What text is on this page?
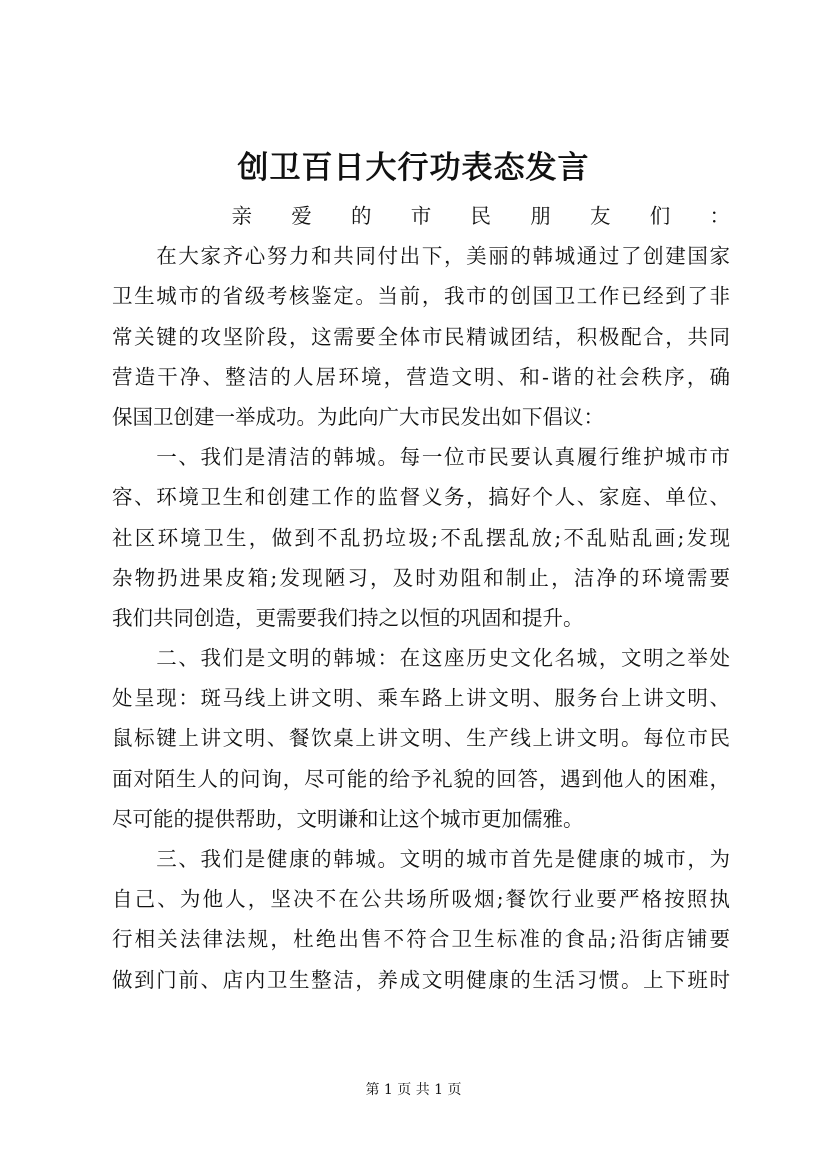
创卫百日大行功表态发言
　　亲爱的市民朋友们：
　　在大家齐心努力和共同付出下，美丽的韩城通过了创建国家
卫生城市的省级考核鉴定。当前，我市的创国卫工作已经到了非
常关键的攻坚阶段，这需要全体市民精诚团结，积极配合，共同
营造干净、整洁的人居环境，营造文明、和-谐的社会秩序，确
保国卫创建一举成功。为此向广大市民发出如下倡议：
　　一、我们是清洁的韩城。每一位市民要认真履行维护城市市
容、环境卫生和创建工作的监督义务，搞好个人、家庭、单位、
社区环境卫生，做到不乱扔垃圾;不乱摆乱放;不乱贴乱画;发现
杂物扔进果皮箱;发现陋习，及时劝阻和制止，洁净的环境需要
我们共同创造，更需要我们持之以恒的巩固和提升。
　　二、我们是文明的韩城：在这座历史文化名城，文明之举处
处呈现：斑马线上讲文明、乘车路上讲文明、服务台上讲文明、
鼠标键上讲文明、餐饮桌上讲文明、生产线上讲文明。每位市民
面对陌生人的问询，尽可能的给予礼貌的回答，遇到他人的困难，
尽可能的提供帮助，文明谦和让这个城市更加儒雅。
　　三、我们是健康的韩城。文明的城市首先是健康的城市，为
自己、为他人，坚决不在公共场所吸烟;餐饮行业要严格按照执
行相关法律法规，杜绝出售不符合卫生标准的食品;沿街店铺要
做到门前、店内卫生整洁，养成文明健康的生活习惯。上下班时
第 1 页 共 1 页
